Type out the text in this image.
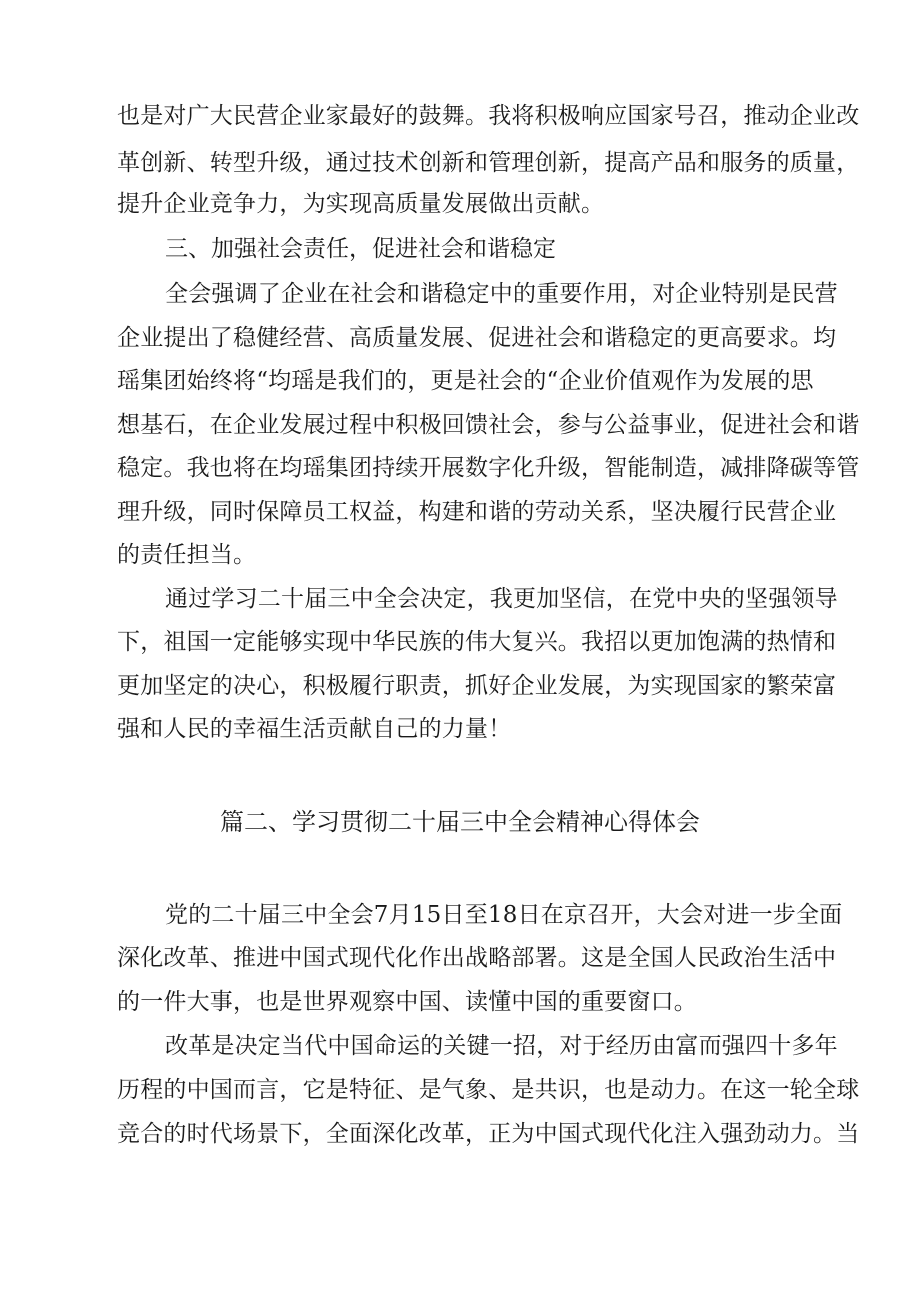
也是对广大民营企业家最好的鼓舞。我将积极响应国家号召，推动企业改
革创新、转型升级，通过技术创新和管理创新，提高产品和服务的质量，
提升企业竞争力，为实现高质量发展做出贡献。
三、加强社会责任，促进社会和谐稳定
全会强调了企业在社会和谐稳定中的重要作用，对企业特别是民营
企业提出了稳健经营、高质量发展、促进社会和谐稳定的更高要求。均
瑶集团始终将“均瑶是我们的，更是社会的“企业价值观作为发展的思
想基石，在企业发展过程中积极回馈社会，参与公益事业，促进社会和谐
稳定。我也将在均瑶集团持续开展数字化升级，智能制造，减排降碳等管
理升级，同时保障员工权益，构建和谐的劳动关系，坚决履行民营企业
的责任担当。
通过学习二十届三中全会决定，我更加坚信，在党中央的坚强领导
下，祖国一定能够实现中华民族的伟大复兴。我招以更加饱满的热情和
更加坚定的决心，积极履行职责，抓好企业发展，为实现国家的繁荣富
强和人民的幸福生活贡献自己的力量！
篇二、学习贯彻二十届三中全会精神心得体会
党的二十届三中全会7月15日至18日在京召开，大会对进一步全面
深化改革、推进中国式现代化作出战略部署。这是全国人民政治生活中
的一件大事，也是世界观察中国、读懂中国的重要窗口。
改革是决定当代中国命运的关键一招，对于经历由富而强四十多年
历程的中国而言，它是特征、是气象、是共识，也是动力。在这一轮全球
竞合的时代场景下，全面深化改革，正为中国式现代化注入强劲动力。当
